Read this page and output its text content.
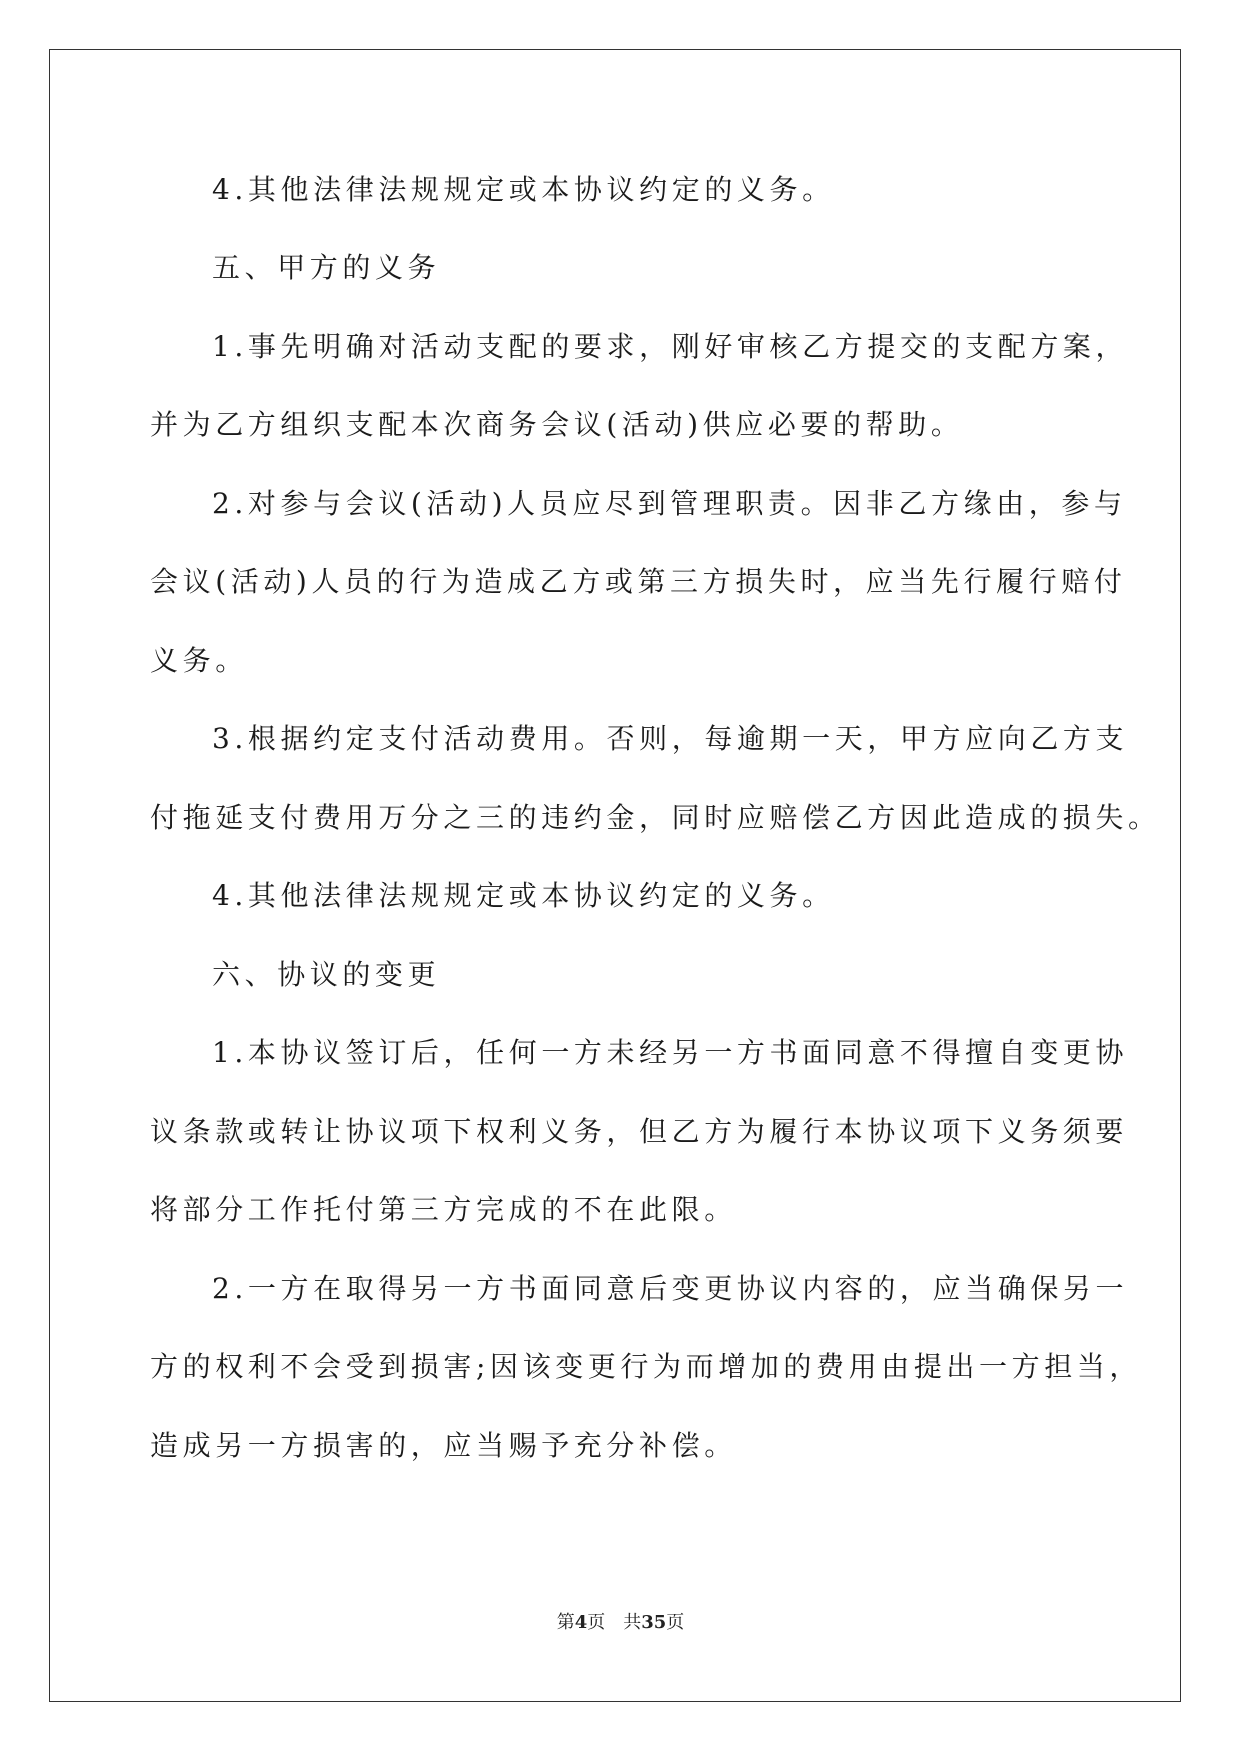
4.其他法律法规规定或本协议约定的义务。
五、甲方的义务
1.事先明确对活动支配的要求，刚好审核乙方提交的支配方案，
并为乙方组织支配本次商务会议(活动)供应必要的帮助。
2.对参与会议(活动)人员应尽到管理职责。因非乙方缘由，参与
会议(活动)人员的行为造成乙方或第三方损失时，应当先行履行赔付
义务。
3.根据约定支付活动费用。否则，每逾期一天，甲方应向乙方支
付拖延支付费用万分之三的违约金，同时应赔偿乙方因此造成的损失。
4.其他法律法规规定或本协议约定的义务。
六、协议的变更
1.本协议签订后，任何一方未经另一方书面同意不得擅自变更协
议条款或转让协议项下权利义务，但乙方为履行本协议项下义务须要
将部分工作托付第三方完成的不在此限。
2.一方在取得另一方书面同意后变更协议内容的，应当确保另一
方的权利不会受到损害;因该变更行为而增加的费用由提出一方担当，
造成另一方损害的，应当赐予充分补偿。
第4页 共35页
